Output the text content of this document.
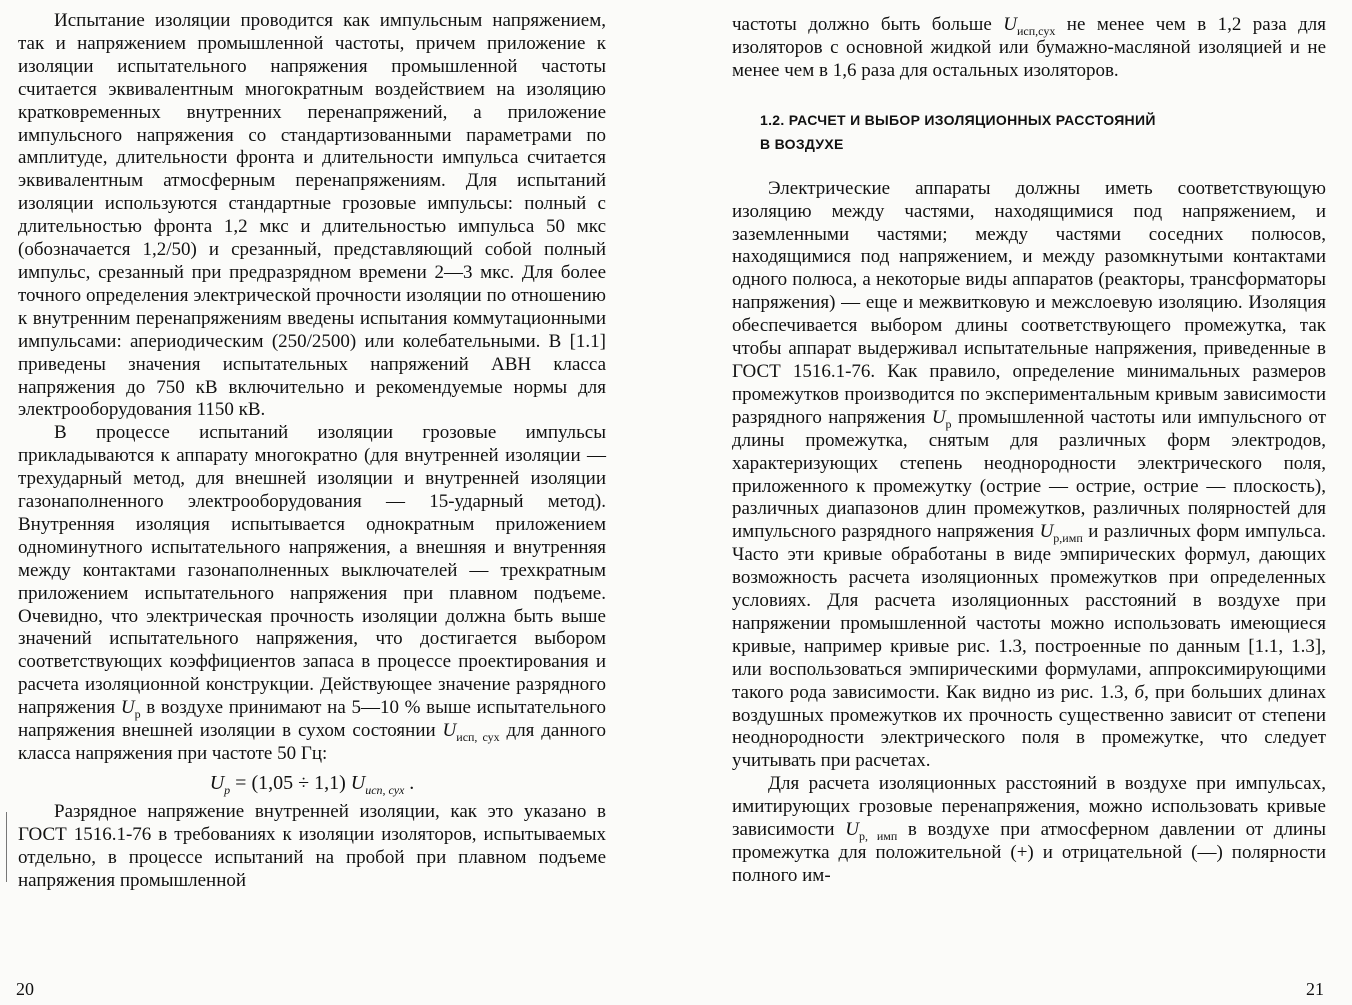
Испытание изоляции проводится как импульсным напряжением, так и напряжением промышленной частоты, причем приложение к изоляции испытательного напряжения промышленной частоты считается эквивалентным многократным воздействием на изоляцию кратковременных внутренних перенапряжений, а приложение импульсного напряжения со стандартизованными параметрами по амплитуде, длительности фронта и длительности импульса считается эквивалентным атмосферным перенапряжениям. Для испытаний изоляции используются стандартные грозовые импульсы: полный с длительностью фронта 1,2 мкс и длительностью импульса 50 мкс (обозначается 1,2/50) и срезанный, представляющий собой полный импульс, срезанный при предразрядном времени 2—3 мкс. Для более точного определения электрической прочности изоляции по отношению к внутренним перенапряжениям введены испытания коммутационными импульсами: апериодическим (250/2500) или колебательными. В [1.1] приведены значения испытательных напряжений АВН класса напряжения до 750 кВ включительно и рекомендуемые нормы для электрооборудования 1150 кВ.

В процессе испытаний изоляции грозовые импульсы прикладываются к аппарату многократно (для внутренней изоляции — трехударный метод, для внешней изоляции и внутренней изоляции газонаполненного электрооборудования — 15-ударный метод). Внутренняя изоляция испытывается однократным приложением одноминутного испытательного напряжения, а внешняя и внутренняя между контактами газонаполненных выключателей — трехкратным приложением испытательного напряжения при плавном подъеме. Очевидно, что электрическая прочность изоляции должна быть выше значений испытательного напряжения, что достигается выбором соответствующих коэффициентов запаса в процессе проектирования и расчета изоляционной конструкции. Действующее значение разрядного напряжения $U_р$ в воздухе принимают на 5—10 % выше испытательного напряжения внешней изоляции в сухом состоянии $U_{исп, сух}$ для данного класса напряжения при частоте 50 Гц:

$U_р = (1,05 \div 1,1)$ $U_{исп, сух}$ .

Разрядное напряжение внутренней изоляции, как это указано в ГОСТ 1516.1-76 в требованиях к изоляции изоляторов, испытываемых отдельно, в процессе испытаний на пробой при плавном подъеме напряжения промышленной

20

частоты должно быть больше $U_{исп,сух}$ не менее чем в 1,2 раза для изоляторов с основной жидкой или бумажно-масляной изоляцией и не менее чем в 1,6 раза для остальных изоляторов.

1.2. РАСЧЕТ И ВЫБОР ИЗОЛЯЦИОННЫХ РАССТОЯНИЙ
В ВОЗДУХЕ

Электрические аппараты должны иметь соответствующую изоляцию между частями, находящимися под напряжением, и заземленными частями; между частями соседних полюсов, находящимися под напряжением, и между разомкнутыми контактами одного полюса, а некоторые виды аппаратов (реакторы, трансформаторы напряжения) — еще и межвитковую и межслоевую изоляцию. Изоляция обеспечивается выбором длины соответствующего промежутка, так чтобы аппарат выдерживал испытательные напряжения, приведенные в ГОСТ 1516.1-76. Как правило, определение минимальных размеров промежутков производится по экспериментальным кривым зависимости разрядного напряжения $U_р$ промышленной частоты или импульсного от длины промежутка, снятым для различных форм электродов, характеризующих степень неоднородности электрического поля, приложенного к промежутку (острие — острие, острие — плоскость), различных диапазонов длин промежутков, различных полярностей для импульсного разрядного напряжения $U_{р,имп}$ и различных форм импульса. Часто эти кривые обработаны в виде эмпирических формул, дающих возможность расчета изоляционных промежутков при определенных условиях. Для расчета изоляционных расстояний в воздухе при напряжении промышленной частоты можно использовать имеющиеся кривые, например кривые рис. 1.3, построенные по данным [1.1, 1.3], или воспользоваться эмпирическими формулами, аппроксимирующими такого рода зависимости. Как видно из рис. 1.3, б, при больших длинах воздушных промежутков их прочность существенно зависит от степени неоднородности электрического поля в промежутке, что следует учитывать при расчетах.

Для расчета изоляционных расстояний в воздухе при импульсах, имитирующих грозовые перенапряжения, можно использовать кривые зависимости $U_{р, имп}$ в воздухе при атмосферном давлении от длины промежутка для положительной (+) и отрицательной (—) полярности полного им-

21
